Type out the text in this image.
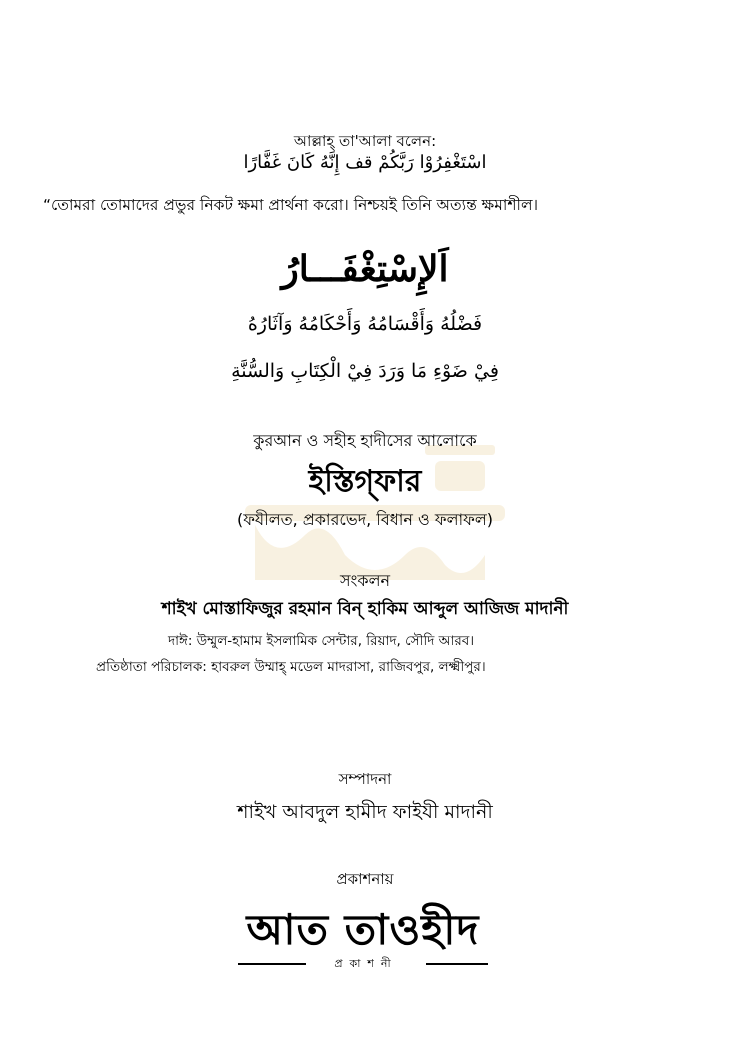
আল্লাহ্‌ তা'আলা বলেন:
اسْتَغْفِرُوْا رَبَّكُمْ قف إِنَّهُ كَانَ غَفَّارًا
“তোমরা তোমাদের প্রভুর নিকট ক্ষমা প্রার্থনা করো। নিশ্চয়ই তিনি অত্যন্ত ক্ষমাশীল।
اَلإِسْتِغْفَـــارُ
فَضْلُهُ وَأَقْسَامُهُ وَأَحْكَامُهُ وَآثَارُهُ
فِيْ ضَوْءِ مَا وَرَدَ فِيْ الْكِتَابِ وَالسُّنَّةِ
কুরআন ও সহীহ হাদীসের আলোকে
ইস্তিগ্‌ফার
(ফযীলত, প্রকারভেদ, বিধান ও ফলাফল)
সংকলন
শাইখ মোস্তাফিজুর রহমান বিন্‌ হাকিম আব্দুল আজিজ মাদানী
দাঈ: উম্মুল-হামাম ইসলামিক সেন্টার, রিয়াদ, সৌদি আরব।
প্রতিষ্ঠাতা পরিচালক: হাবরুল উম্মাহ্‌ মডেল মাদরাসা, রাজিবপুর, লক্ষ্মীপুর।
সম্পাদনা
শাইখ আবদুল হামীদ ফাইযী মাদানী
প্রকাশনায়
আত তাওহীদ
প্রকাশনী
